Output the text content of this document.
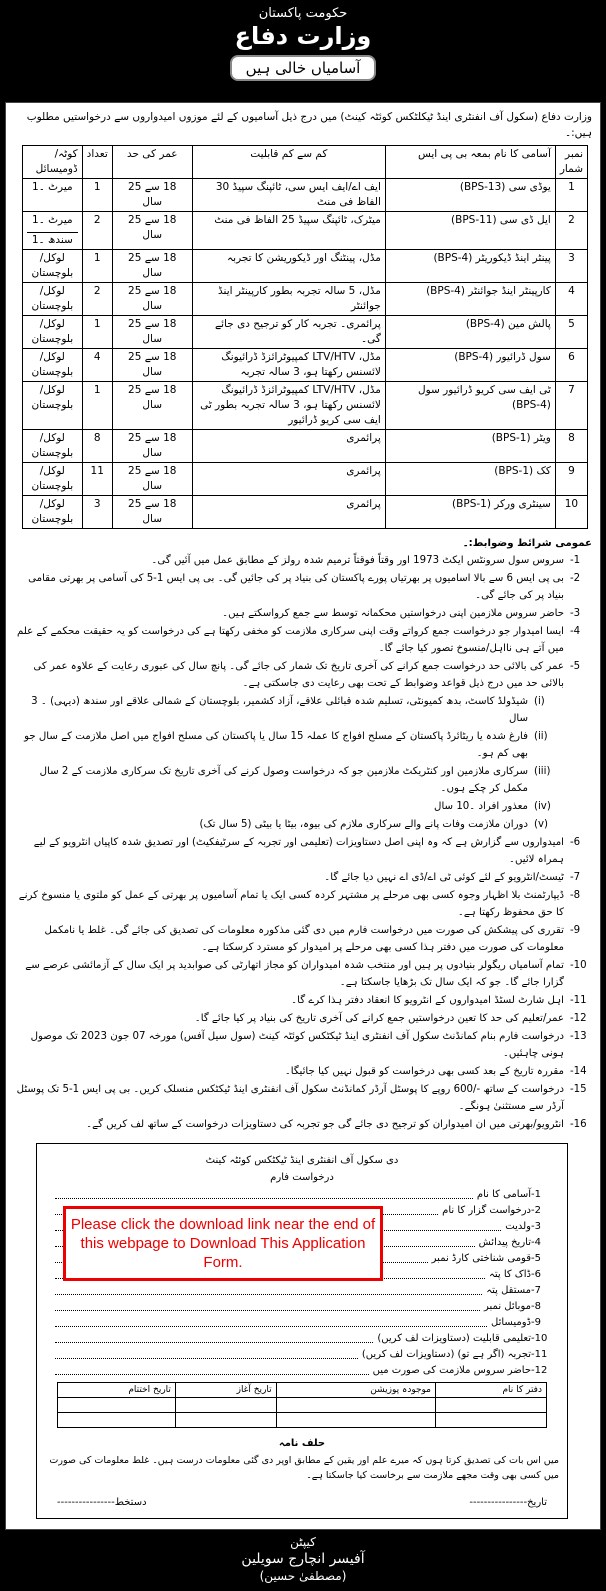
حکومت پاکستان
وزارت دفاع
آسامیاں خالی ہیں
وزارت دفاع (سکول آف انفنٹری اینڈ ٹیکلٹکس کوئٹہ کینٹ) میں درج ذیل آسامیوں کے لئے موزوں امیدواروں سے درخواستیں مطلوب ہیں:۔
نمبر شمار	آسامی کا نام بمعہ بی پی ایس	کم سے کم قابلیت	عمر کی حد	تعداد	کوٹہ/ڈومیسائل
1	یوڈی سی (BPS-13)	ایف اے/ایف ایس سی، ٹائپنگ سپیڈ 30 الفاظ فی منٹ	18 سے 25 سال	1	میرٹ ۔1

2	ایل ڈی سی (BPS-11)	میٹرک، ٹائپنگ سپیڈ 25 الفاظ فی منٹ	18 سے 25 سال	2	میرٹ ۔1
سندھ ۔1

3	پینٹر اینڈ ڈیکوریٹر (BPS-4)	مڈل، پینٹنگ اور ڈیکوریشن کا تجربہ	18 سے 25 سال	1	لوکل/بلوچستان

4	کارپینٹر اینڈ جوائنٹر (BPS-4)	مڈل، 5 سالہ تجربہ بطور کارپینٹر اینڈ جوائنٹر	18 سے 25 سال	2	لوکل/بلوچستان

5	پالش مین (BPS-4)	پرائمری۔ تجربہ کار کو ترجیح دی جائے گی۔	18 سے 25 سال	1	لوکل/بلوچستان

6	سول ڈرائیور (BPS-4)	مڈل، LTV/HTV کمپیوٹرائزڈ ڈرائیونگ لائسنس رکھتا ہو، 3 سالہ تجربہ	18 سے 25 سال	4	لوکل/بلوچستان

7	ٹی ایف سی کریو ڈرائیور سول (BPS-4)	مڈل، LTV/HTV کمپیوٹرائزڈ ڈرائیونگ لائسنس رکھتا ہو، 3 سالہ تجربہ بطور ٹی ایف سی کریو ڈرائیور	18 سے 25 سال	1	لوکل/بلوچستان

8	ویٹر (BPS-1)	پرائمری	18 سے 25 سال	8	لوکل/بلوچستان

9	کک (BPS-1)	پرائمری	18 سے 25 سال	11	لوکل/بلوچستان

10	سینٹری ورکر (BPS-1)	پرائمری	18 سے 25 سال	3	لوکل/بلوچستان
عمومی شرائط وضوابط:۔
-1
سروس سول سرونٹس ایکٹ 1973 اور وقتاً فوقتاً ترمیم شدہ رولز کے مطابق عمل میں آئیں گی۔
-2
بی پی ایس 6 سے بالا اسامیوں پر بھرتیاں پورے پاکستان کی بنیاد پر کی جائیں گی۔ بی پی ایس 1-5 کی آسامی پر بھرتی مقامی بنیاد پر کی جائے گی۔
-3
حاضر سروس ملازمین اپنی درخواستیں محکمانہ توسط سے جمع کرواسکتے ہیں۔
-4
ایسا امیدوار جو درخواست جمع کرواتے وقت اپنی سرکاری ملازمت کو مخفی رکھتا ہے کی درخواست کو یہ حقیقت محکمے کے علم میں آتے ہی نااہل/منسوخ تصور کیا جائے گا۔
-5
عمر کی بالائی حد درخواست جمع کرانے کی آخری تاریخ تک شمار کی جائے گی۔ پانچ سال کی عبوری رعایت کے علاوہ عمر کی بالائی حد میں درج ذیل قواعد وضوابط کے تحت بھی رعایت دی جاسکتی ہے۔
(i)
شیڈولڈ کاسٹ، بدھ کمیونٹی، تسلیم شدہ قبائلی علاقے، آزاد کشمیر، بلوچستان کے شمالی علاقے اور سندھ (دیہی) ۔ 3 سال
(ii)
فارغ شدہ یا ریٹائرڈ پاکستان کے مسلح افواج کا عملہ 15 سال یا پاکستان کی مسلح افواج میں اصل ملازمت کے سال جو بھی کم ہو۔
(iii)
سرکاری ملازمین اور کنٹریکٹ ملازمین جو کہ درخواست وصول کرنے کی آخری تاریخ تک سرکاری ملازمت کے 2 سال مکمل کر چکے ہوں۔
(iv)
معذور افراد ۔10 سال
(v)
دوران ملازمت وفات پانے والے سرکاری ملازم کی بیوہ، بیٹا یا بیٹی (5 سال تک)
-6
امیدواروں سے گزارش ہے کہ وہ اپنی اصل دستاویزات (تعلیمی اور تجربہ کے سرٹیفکیٹ) اور تصدیق شدہ کاپیاں انٹرویو کے لیے ہمراہ لائیں۔
-7
ٹیسٹ/انٹرویو کے لئے کوئی ٹی اے/ڈی اے نہیں دیا جائے گا۔
-8
ڈیپارٹمنٹ بلا اظہار وجوہ کسی بھی مرحلے پر مشتہر کردہ کسی ایک یا تمام آسامیوں پر بھرتی کے عمل کو ملتوی یا منسوخ کرنے کا حق محفوظ رکھتا ہے۔
-9
تقرری کی پیشکش کی صورت میں درخواست فارم میں دی گئی مذکورہ معلومات کی تصدیق کی جائے گی۔ غلط یا نامکمل معلومات کی صورت میں دفتر ہذا کسی بھی مرحلے پر امیدوار کو مسترد کرسکتا ہے۔
-10
تمام آسامیاں ریگولر بنیادوں پر ہیں اور منتخب شدہ امیدواران کو مجاز اتھارٹی کی صوابدید پر ایک سال کے آزمائشی عرصے سے گزارا جائے گا۔ جو کہ ایک سال تک بڑھایا جاسکتا ہے۔
-11
اہل شارٹ لسٹڈ امیدواروں کے انٹرویو کا انعقاد دفتر ہذا کرے گا۔
-12
عمر/تعلیم کی حد کا تعین درخواستیں جمع کرانے کی آخری تاریخ کی بنیاد پر کیا جائے گا۔
-13
درخواست فارم بنام کمانڈنٹ سکول آف انفنٹری اینڈ ٹیکٹکس کوئٹہ کینٹ (سول سیل آفس) مورخہ 07 جون 2023 تک موصول ہونی چاہئیں۔
-14
مقررہ تاریخ کے بعد کسی بھی درخواست کو قبول نہیں کیا جائیگا۔
-15
درخواست کے ساتھ -/600 روپے کا پوسٹل آرڈر کمانڈنٹ سکول آف انفنٹری اینڈ ٹیکٹکس منسلک کریں۔ بی پی ایس 1-5 تک پوسٹل آرڈر سے مستثنیٰ ہونگے۔
-16
انٹرویو/بھرتی میں ان امیدواران کو ترجیح دی جائے گی جو تجربہ کی دستاویزات درخواست کے ساتھ لف کریں گے۔
دی سکول آف انفنٹری اینڈ ٹیکٹکس کوئٹہ کینٹ
درخواست فارم
-1
آسامی کا نام
-2
درخواست گزار کا نام
-3
ولدیت
-4
تاریخ پیدائش
-5
قومی شناختی کارڈ نمبر
-6
ڈاک کا پتہ
-7
مستقل پتہ
-8
موبائل نمبر
-9
ڈومیسائل
-10
تعلیمی قابلیت (دستاویزات لف کریں)
-11
تجربہ (اگر ہے تو) (دستاویزات لف کریں)
-12
حاضر سروس ملازمت کی صورت میں
دفتر کا نام	موجودہ پوزیشن	تاریخ آغاز	تاریخ اختتام

حلف نامہ
میں اس بات کی تصدیق کرتا ہوں کہ میرے علم اور یقین کے مطابق اوپر دی گئی معلومات درست ہیں۔ غلط معلومات کی صورت میں کسی بھی وقت مجھے ملازمت سے برخاست کیا جاسکتا ہے۔
تاریخ----------------
دستخط----------------
Please click the download link near the end of
this webpage to Download This Application Form.
کیپٹن
آفیسر انچارج سویلین
(مصطفیٰ حسین)
